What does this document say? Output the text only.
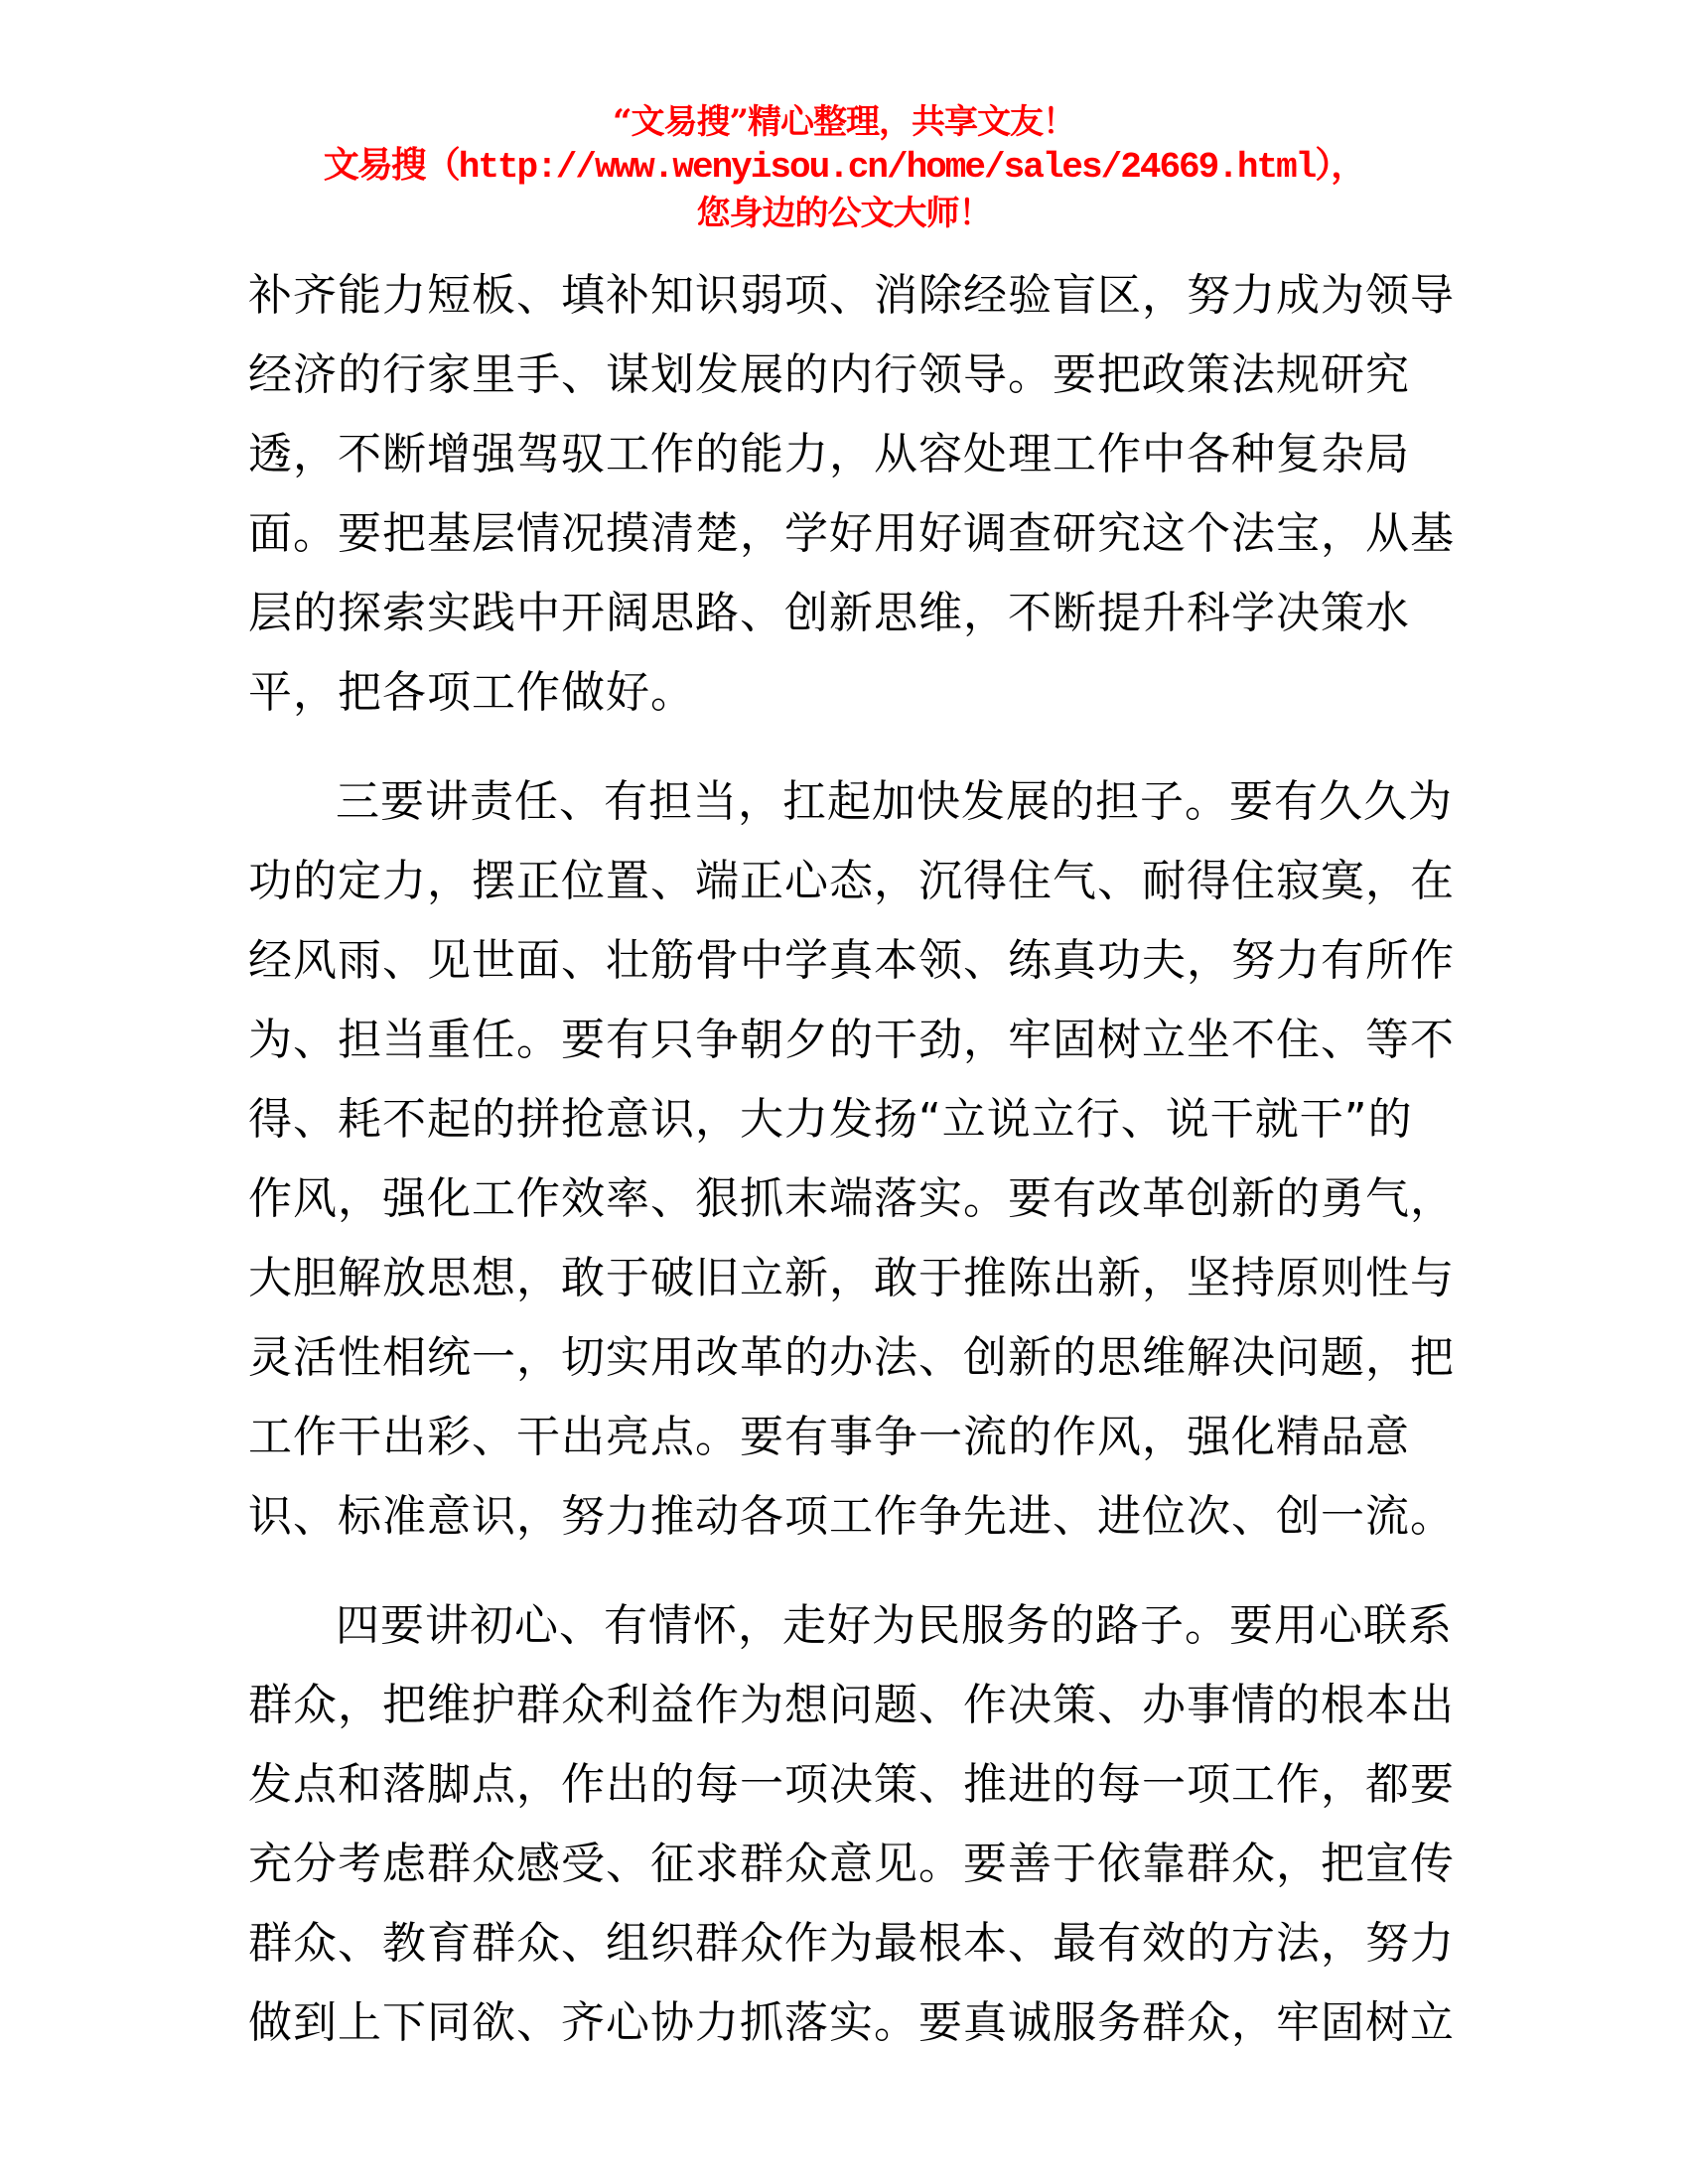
“文易搜”精心整理，共享文友！
文易搜（http://www.wenyisou.cn/home/sales/24669.html），
您身边的公文大师！
补齐能力短板、填补知识弱项、消除经验盲区，努力成为领导
经济的行家里手、谋划发展的内行领导。要把政策法规研究
透，不断增强驾驭工作的能力，从容处理工作中各种复杂局
面。要把基层情况摸清楚，学好用好调查研究这个法宝，从基
层的探索实践中开阔思路、创新思维，不断提升科学决策水
平，把各项工作做好。
三要讲责任、有担当，扛起加快发展的担子。要有久久为
功的定力，摆正位置、端正心态，沉得住气、耐得住寂寞，在
经风雨、见世面、壮筋骨中学真本领、练真功夫，努力有所作
为、担当重任。要有只争朝夕的干劲，牢固树立坐不住、等不
得、耗不起的拼抢意识，大力发扬“立说立行、说干就干”的
作风，强化工作效率、狠抓末端落实。要有改革创新的勇气，
大胆解放思想，敢于破旧立新，敢于推陈出新，坚持原则性与
灵活性相统一，切实用改革的办法、创新的思维解决问题，把
工作干出彩、干出亮点。要有事争一流的作风，强化精品意
识、标准意识，努力推动各项工作争先进、进位次、创一流。
四要讲初心、有情怀，走好为民服务的路子。要用心联系
群众，把维护群众利益作为想问题、作决策、办事情的根本出
发点和落脚点，作出的每一项决策、推进的每一项工作，都要
充分考虑群众感受、征求群众意见。要善于依靠群众，把宣传
群众、教育群众、组织群众作为最根本、最有效的方法，努力
做到上下同欲、齐心协力抓落实。要真诚服务群众，牢固树立
